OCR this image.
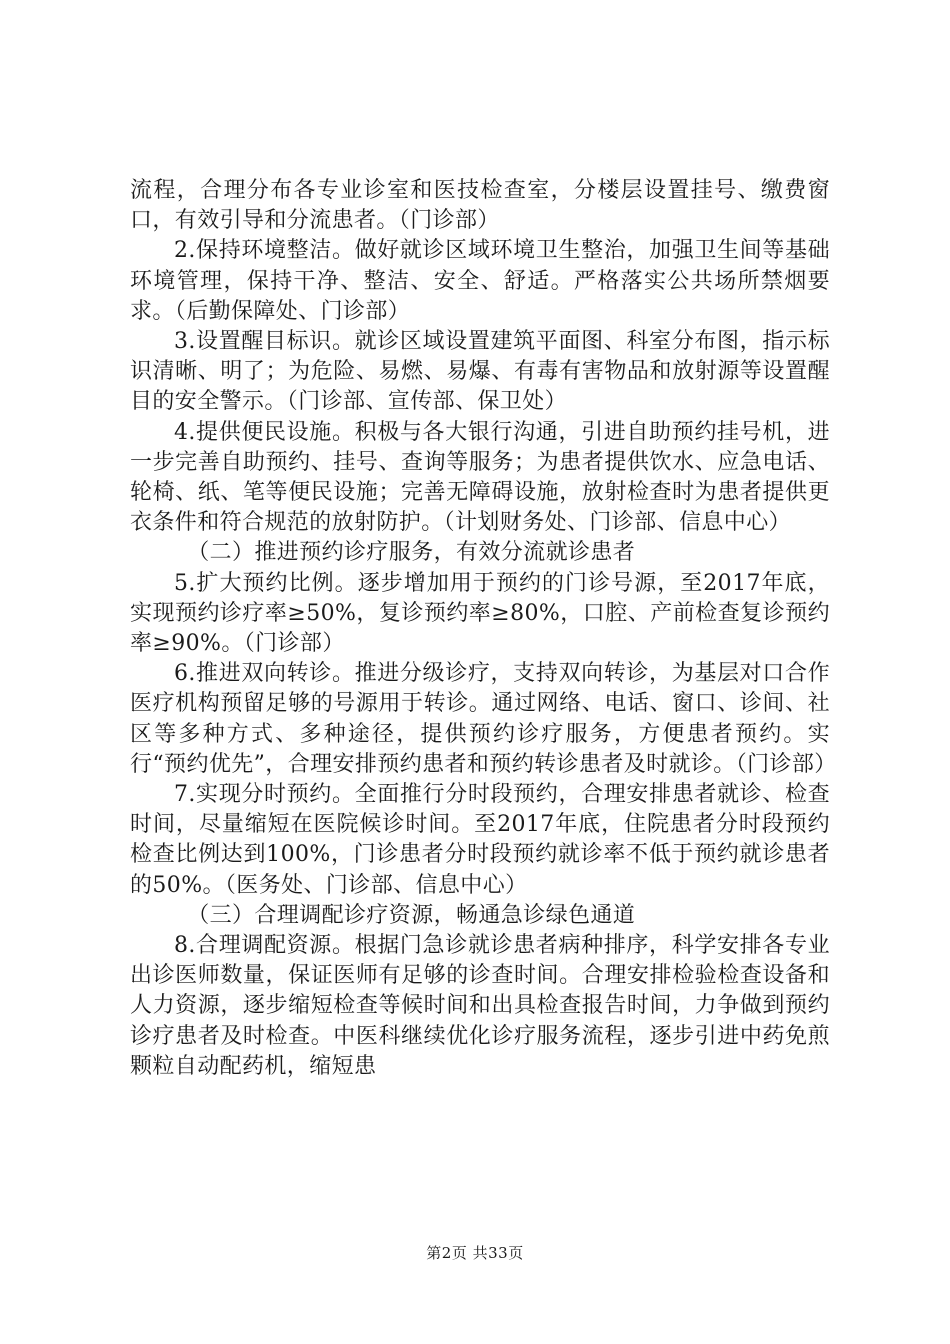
流程，合理分布各专业诊室和医技检查室，分楼层设置挂号、缴费窗口，有效引导和分流患者。（门诊部）

2.保持环境整洁。做好就诊区域环境卫生整治，加强卫生间等基础环境管理，保持干净、整洁、安全、舒适。严格落实公共场所禁烟要求。（后勤保障处、门诊部）

3.设置醒目标识。就诊区域设置建筑平面图、科室分布图，指示标识清晰、明了；为危险、易燃、易爆、有毒有害物品和放射源等设置醒目的安全警示。（门诊部、宣传部、保卫处）

4.提供便民设施。积极与各大银行沟通，引进自助预约挂号机，进一步完善自助预约、挂号、查询等服务；为患者提供饮水、应急电话、轮椅、纸、笔等便民设施；完善无障碍设施，放射检查时为患者提供更衣条件和符合规范的放射防护。（计划财务处、门诊部、信息中心）

（二）推进预约诊疗服务，有效分流就诊患者

5.扩大预约比例。逐步增加用于预约的门诊号源，至2017年底，实现预约诊疗率≥50%，复诊预约率≥80%，口腔、产前检查复诊预约率≥90%。（门诊部）

6.推进双向转诊。推进分级诊疗，支持双向转诊，为基层对口合作医疗机构预留足够的号源用于转诊。通过网络、电话、窗口、诊间、社区等多种方式、多种途径，提供预约诊疗服务，方便患者预约。实行“预约优先”，合理安排预约患者和预约转诊患者及时就诊。（门诊部）

7.实现分时预约。全面推行分时段预约，合理安排患者就诊、检查时间，尽量缩短在医院候诊时间。至2017年底，住院患者分时段预约检查比例达到100%，门诊患者分时段预约就诊率不低于预约就诊患者的50%。（医务处、门诊部、信息中心）

（三）合理调配诊疗资源，畅通急诊绿色通道

8.合理调配资源。根据门急诊就诊患者病种排序，科学安排各专业出诊医师数量，保证医师有足够的诊查时间。合理安排检验检查设备和人力资源，逐步缩短检查等候时间和出具检查报告时间，力争做到预约诊疗患者及时检查。中医科继续优化诊疗服务流程，逐步引进中药免煎颗粒自动配药机，缩短患

第2页 共33页
